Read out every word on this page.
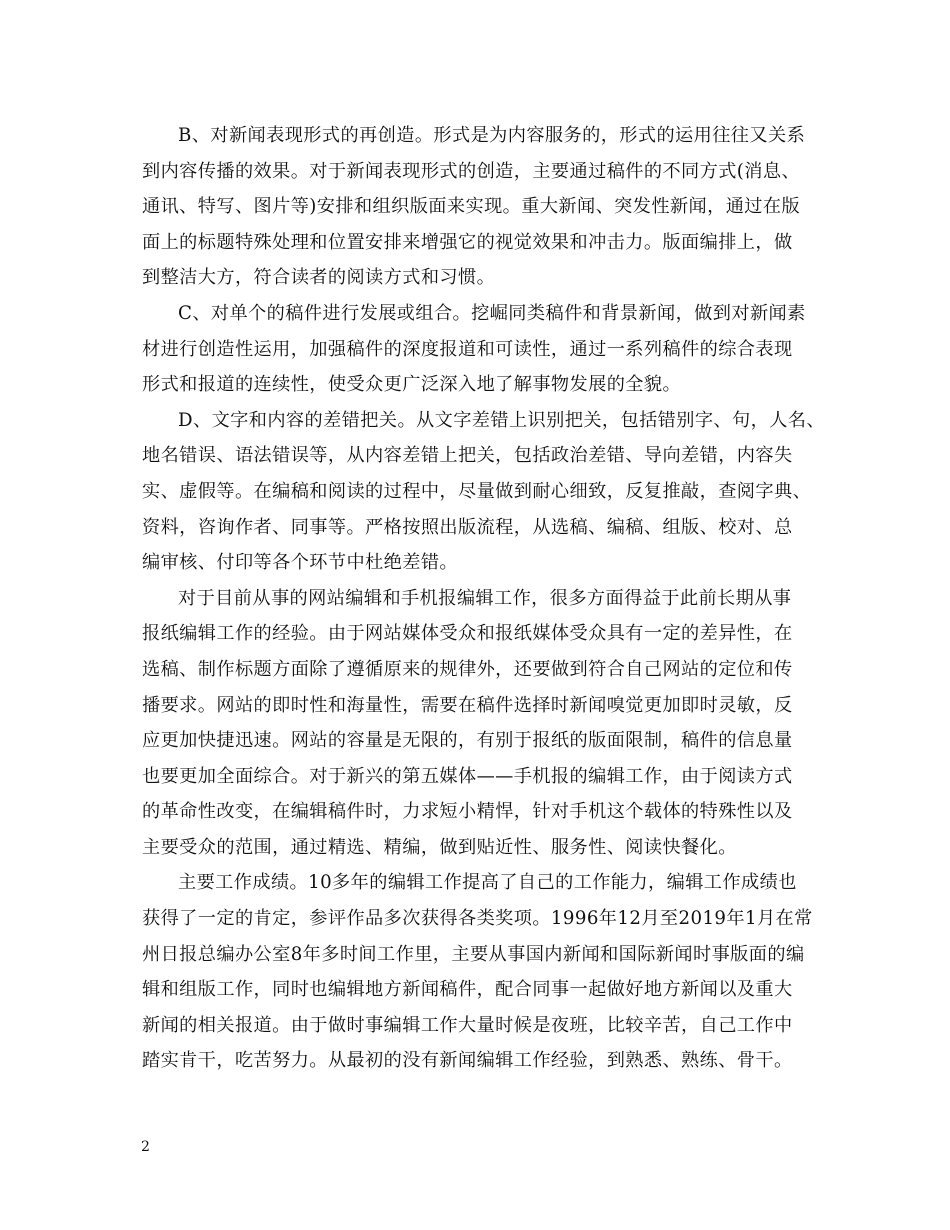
B、对新闻表现形式的再创造。形式是为内容服务的，形式的运用往往又关系
到内容传播的效果。对于新闻表现形式的创造，主要通过稿件的不同方式(消息、
通讯、特写、图片等)安排和组织版面来实现。重大新闻、突发性新闻，通过在版
面上的标题特殊处理和位置安排来增强它的视觉效果和冲击力。版面编排上，做
到整洁大方，符合读者的阅读方式和习惯。

C、对单个的稿件进行发展或组合。挖崛同类稿件和背景新闻，做到对新闻素
材进行创造性运用，加强稿件的深度报道和可读性，通过一系列稿件的综合表现
形式和报道的连续性，使受众更广泛深入地了解事物发展的全貌。

D、文字和内容的差错把关。从文字差错上识别把关，包括错别字、句，人名、
地名错误、语法错误等，从内容差错上把关，包括政治差错、导向差错，内容失
实、虚假等。在编稿和阅读的过程中，尽量做到耐心细致，反复推敲，查阅字典、
资料，咨询作者、同事等。严格按照出版流程，从选稿、编稿、组版、校对、总
编审核、付印等各个环节中杜绝差错。

对于目前从事的网站编辑和手机报编辑工作，很多方面得益于此前长期从事
报纸编辑工作的经验。由于网站媒体受众和报纸媒体受众具有一定的差异性，在
选稿、制作标题方面除了遵循原来的规律外，还要做到符合自己网站的定位和传
播要求。网站的即时性和海量性，需要在稿件选择时新闻嗅觉更加即时灵敏，反
应更加快捷迅速。网站的容量是无限的，有别于报纸的版面限制，稿件的信息量
也要更加全面综合。对于新兴的第五媒体——手机报的编辑工作，由于阅读方式
的革命性改变，在编辑稿件时，力求短小精悍，针对手机这个载体的特殊性以及
主要受众的范围，通过精选、精编，做到贴近性、服务性、阅读快餐化。

主要工作成绩。10多年的编辑工作提高了自己的工作能力，编辑工作成绩也
获得了一定的肯定，参评作品多次获得各类奖项。1996年12月至2019年1月在常
州日报总编办公室8年多时间工作里，主要从事国内新闻和国际新闻时事版面的编
辑和组版工作，同时也编辑地方新闻稿件，配合同事一起做好地方新闻以及重大
新闻的相关报道。由于做时事编辑工作大量时候是夜班，比较辛苦，自己工作中
踏实肯干，吃苦努力。从最初的没有新闻编辑工作经验，到熟悉、熟练、骨干。

2
